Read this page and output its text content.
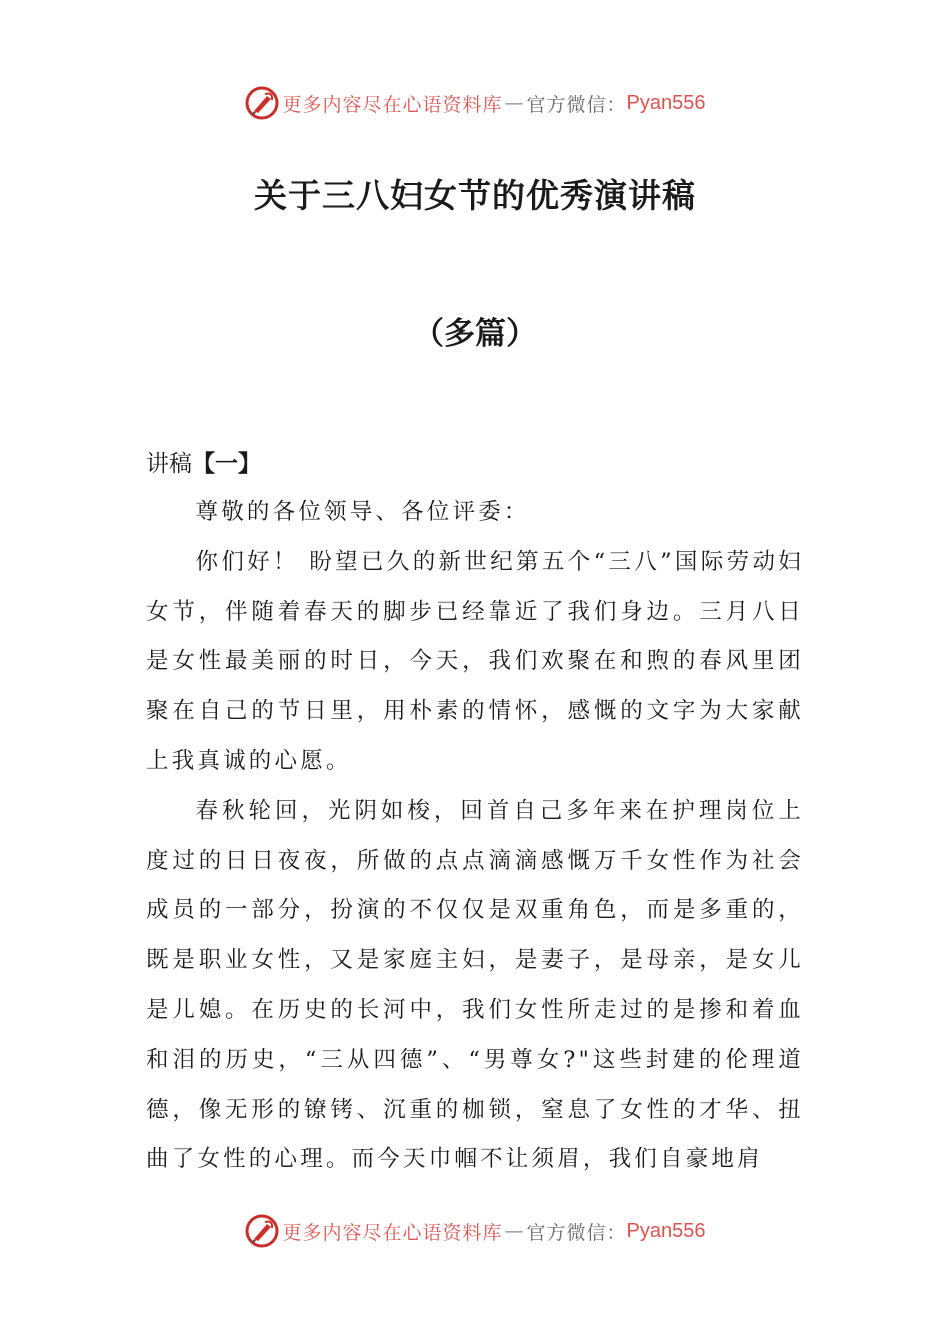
更多内容尽在心语资料库 — 官方微信： Pyan556
关于三八妇女节的优秀演讲稿
（多篇）
讲稿【一】

尊敬的各位领导、各位评委：

你们好！ 盼望已久的新世纪第五个“三八”国际劳动妇女节，伴随着春天的脚步已经靠近了我们身边。三月八日是女性最美丽的时日，今天，我们欢聚在和煦的春风里团聚在自己的节日里，用朴素的情怀，感慨的文字为大家献上我真诚的心愿。

春秋轮回，光阴如梭，回首自己多年来在护理岗位上度过的日日夜夜，所做的点点滴滴感慨万千女性作为社会成员的一部分，扮演的不仅仅是双重角色，而是多重的，既是职业女性，又是家庭主妇，是妻子，是母亲，是女儿是儿媳。在历史的长河中，我们女性所走过的是掺和着血和泪的历史，“三从四德”、“男尊女?"这些封建的伦理道德，像无形的镣铐、沉重的枷锁，窒息了女性的才华、扭曲了女性的心理。而今天巾帼不让须眉，我们自豪地肩

更多内容尽在心语资料库 — 官方微信： Pyan556
